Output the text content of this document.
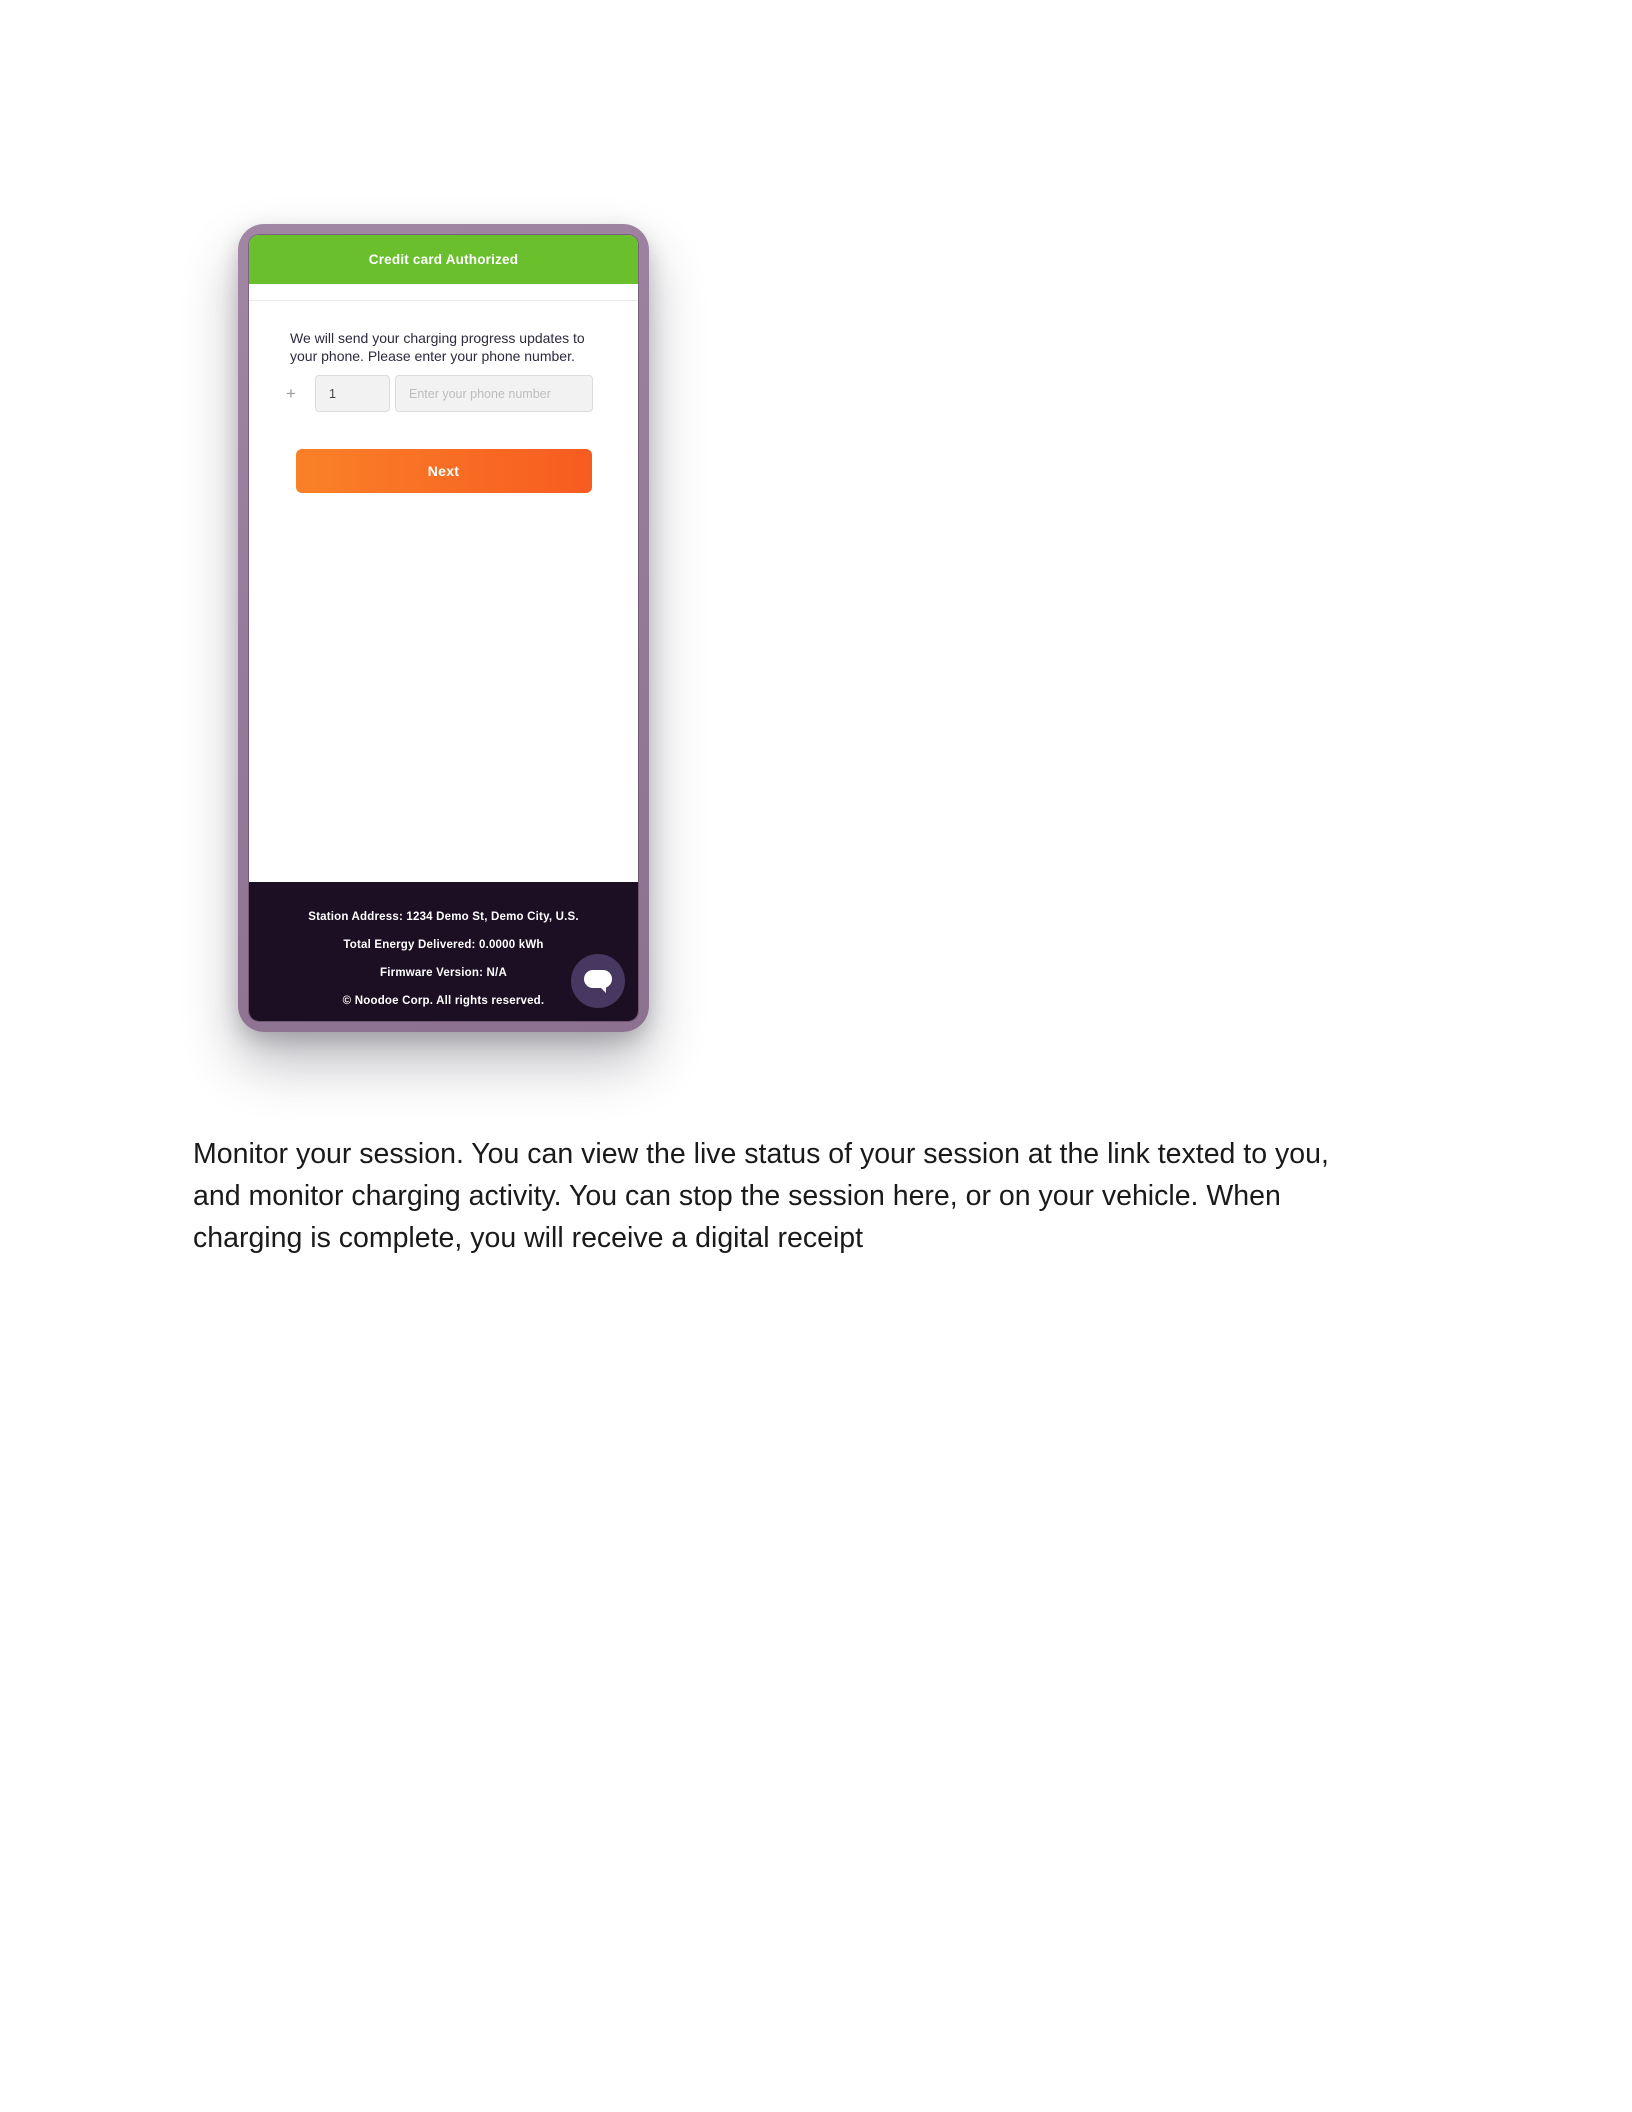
Credit card Authorized
We will send your charging progress updates to your phone. Please enter your phone number.
+
1
Enter your phone number
Next
Station Address: 1234 Demo St, Demo City, U.S.
Total Energy Delivered: 0.0000 kWh
Firmware Version: N/A
© Noodoe Corp. All rights reserved.
Monitor your session. You can view the live status of your session at the link texted to you,
and monitor charging activity. You can stop the session here, or on your vehicle. When
charging is complete, you will receive a digital receipt
